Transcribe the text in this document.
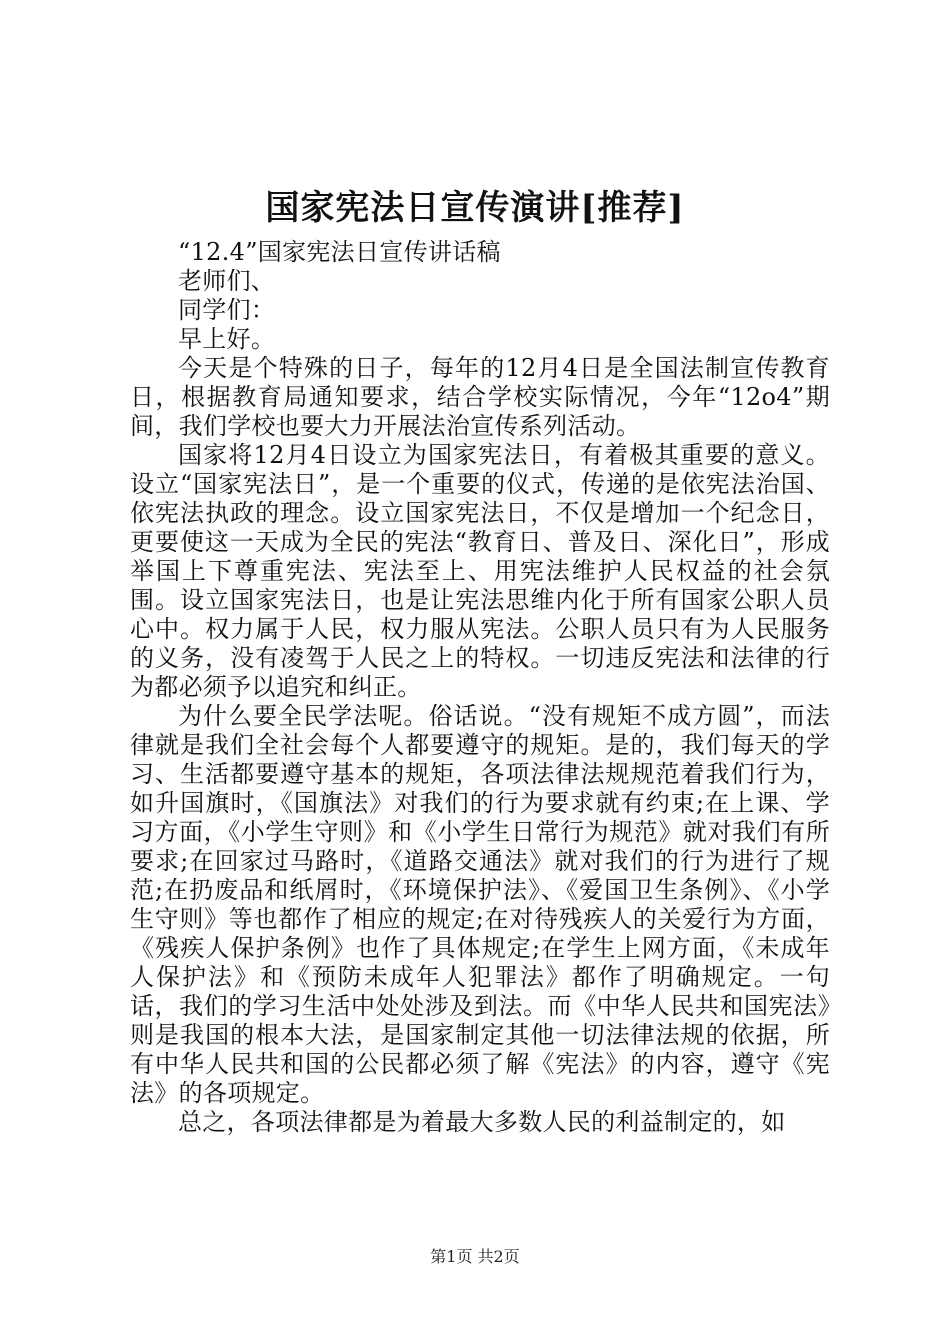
国家宪法日宣传演讲[推荐]

“12.4”国家宪法日宣传讲话稿

老师们、

同学们：

早上好。

今天是个特殊的日子，每年的12月4日是全国法制宣传教育日，根据教育局通知要求，结合学校实际情况，今年“12o4”期间，我们学校也要大力开展法治宣传系列活动。

国家将12月4日设立为国家宪法日，有着极其重要的意义。设立“国家宪法日”，是一个重要的仪式，传递的是依宪法治国、依宪法执政的理念。设立国家宪法日，不仅是增加一个纪念日，更要使这一天成为全民的宪法“教育日、普及日、深化日”，形成举国上下尊重宪法、宪法至上、用宪法维护人民权益的社会氛围。设立国家宪法日，也是让宪法思维内化于所有国家公职人员心中。权力属于人民，权力服从宪法。公职人员只有为人民服务的义务，没有凌驾于人民之上的特权。一切违反宪法和法律的行为都必须予以追究和纠正。

为什么要全民学法呢。俗话说。“没有规矩不成方圆”，而法律就是我们全社会每个人都要遵守的规矩。是的，我们每天的学习、生活都要遵守基本的规矩，各项法律法规规范着我们行为，如升国旗时，《国旗法》对我们的行为要求就有约束;在上课、学习方面，《小学生守则》和《小学生日常行为规范》就对我们有所要求;在回家过马路时，《道路交通法》就对我们的行为进行了规范;在扔废品和纸屑时，《环境保护法》、《爱国卫生条例》、《小学生守则》等也都作了相应的规定;在对待残疾人的关爱行为方面，《残疾人保护条例》也作了具体规定;在学生上网方面，《未成年人保护法》和《预防未成年人犯罪法》都作了明确规定。一句话，我们的学习生活中处处涉及到法。而《中华人民共和国宪法》则是我国的根本大法，是国家制定其他一切法律法规的依据，所有中华人民共和国的公民都必须了解《宪法》的内容，遵守《宪法》的各项规定。

总之，各项法律都是为着最大多数人民的利益制定的，如

第1页 共2页
